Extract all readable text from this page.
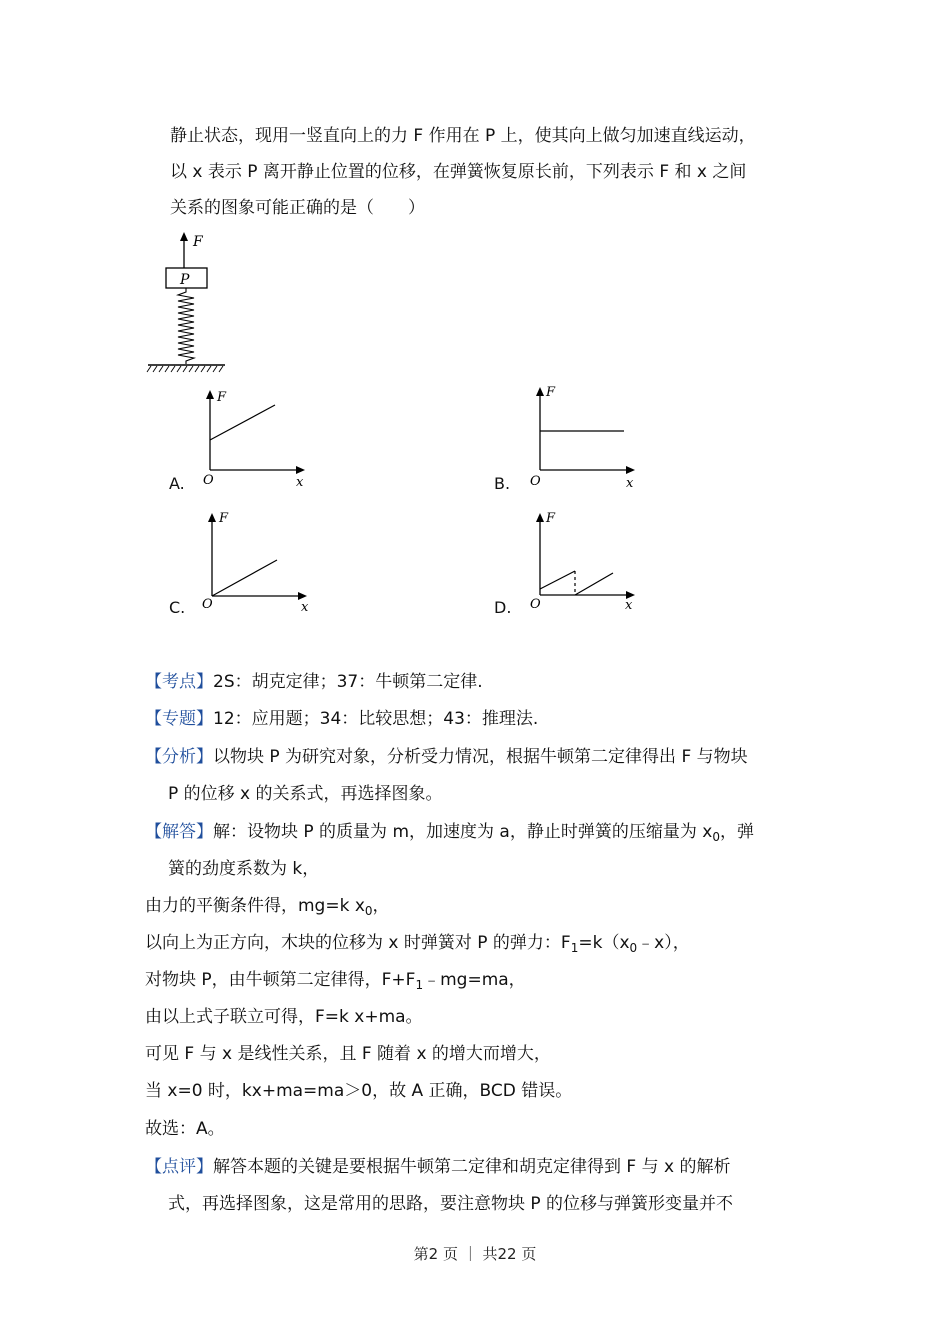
静止状态，现用一竖直向上的力 F 作用在 P 上，使其向上做匀加速直线运动，
以 x 表示 P 离开静止位置的位移，在弹簧恢复原长前，下列表示 F 和 x 之间
关系的图象可能正确的是（　　）
F
P
A.
F
O	x	B.
F
O	x
C.
F
O	x	D.
F
O	x
【考点】2S：胡克定律；37：牛顿第二定律.
【专题】12：应用题；34：比较思想；43：推理法.
【分析】以物块 P 为研究对象，分析受力情况，根据牛顿第二定律得出 F 与物块
P 的位移 x 的关系式，再选择图象。
【解答】解：设物块 P 的质量为 m，加速度为 a，静止时弹簧的压缩量为 $x_0$，弹
簧的劲度系数为 k，
由力的平衡条件得，mg=k $x_0$，
以向上为正方向，木块的位移为 x 时弹簧对 P 的弹力：$F_1=k(x_0﹣x)$，
对物块 P，由牛顿第二定律得，$F+F_1﹣mg=ma$，
由以上式子联立可得，F=k x+ma。
可见 F 与 x 是线性关系，且 F 随着 x 的增大而增大，
当 x=0 时，kx+ma=ma＞0，故 A 正确，BCD 错误。
故选：A。
【点评】解答本题的关键是要根据牛顿第二定律和胡克定律得到 F 与 x 的解析
式，再选择图象，这是常用的思路，要注意物块 P 的位移与弹簧形变量并不
第2 页 ｜ 共22 页
